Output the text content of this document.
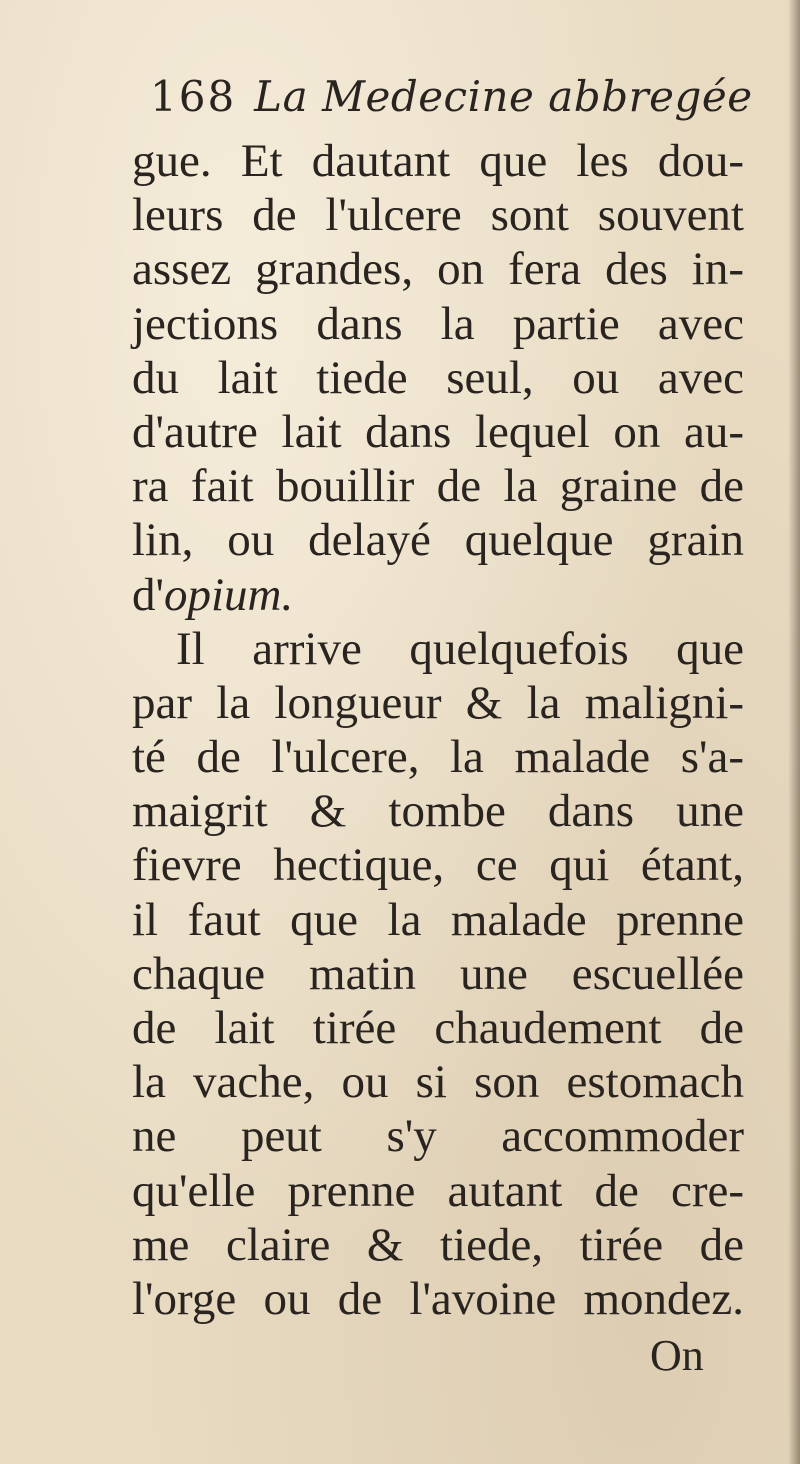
168 La Medecine abbregée
gue. Et dautant que les dou-
leurs de l'ulcere sont souvent
assez grandes, on fera des in-
jections dans la partie avec
du lait tiede seul, ou avec
d'autre lait dans lequel on au-
ra fait bouillir de la graine de
lin, ou delayé quelque grain
d'opium.
Il arrive quelquefois que
par la longueur & la maligni-
té de l'ulcere, la malade s'a-
maigrit & tombe dans une
fievre hectique, ce qui étant,
il faut que la malade prenne
chaque matin une escuellée
de lait tirée chaudement de
la vache, ou si son estomach
ne peut s'y accommoder
qu'elle prenne autant de cre-
me claire & tiede, tirée de
l'orge ou de l'avoine mondez.
On
